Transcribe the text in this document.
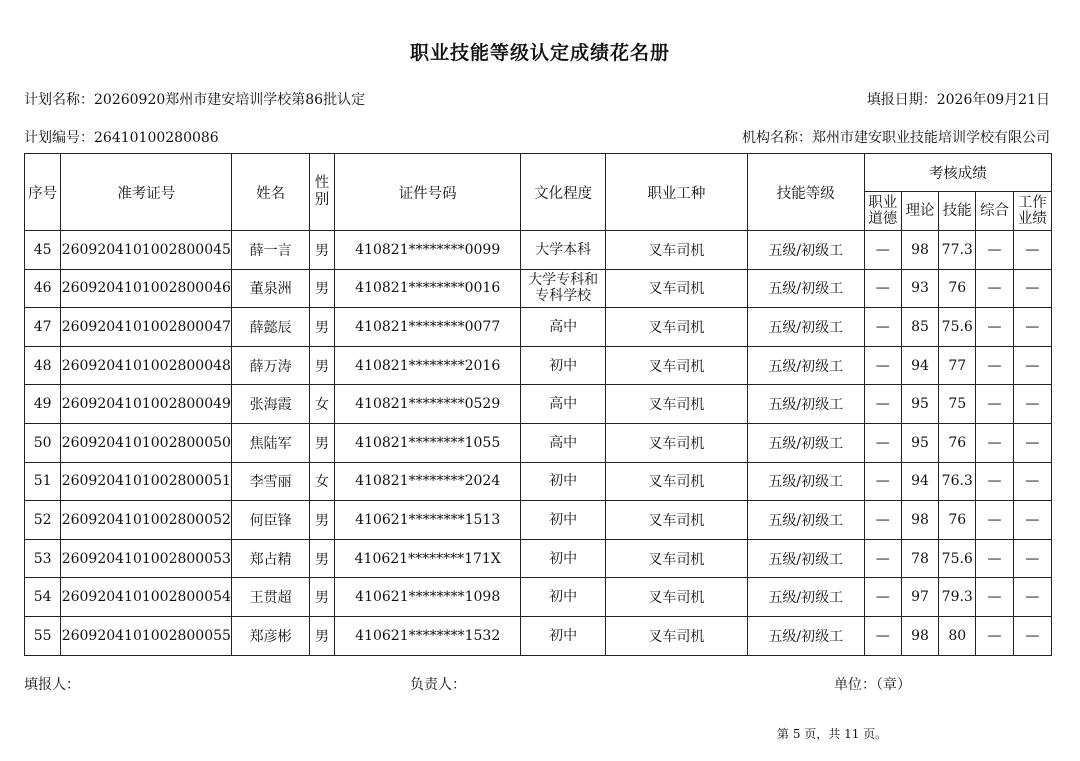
职业技能等级认定成绩花名册
计划名称：20260920郑州市建安培训学校第86批认定	填报日期：2026年09月21日
计划编号：26410100280086	机构名称：郑州市建安职业技能培训学校有限公司
序号	准考证号	姓名	性别	证件号码	文化程度	职业工种	技能等级	考核成绩				
								职业道德	理论	技能	综合	工作业绩
45	2609204101002800045	薛一言	男	410821********0099	大学本科	叉车司机	五级/初级工	—	98	77.3	—	—
46	2609204101002800046	董泉洲	男	410821********0016	大学专科和专科学校	叉车司机	五级/初级工	—	93	76	—	—
47	2609204101002800047	薛懿辰	男	410821********0077	高中	叉车司机	五级/初级工	—	85	75.6	—	—
48	2609204101002800048	薛万涛	男	410821********2016	初中	叉车司机	五级/初级工	—	94	77	—	—
49	2609204101002800049	张海霞	女	410821********0529	高中	叉车司机	五级/初级工	—	95	75	—	—
50	2609204101002800050	焦陆军	男	410821********1055	高中	叉车司机	五级/初级工	—	95	76	—	—
51	2609204101002800051	李雪丽	女	410821********2024	初中	叉车司机	五级/初级工	—	94	76.3	—	—
52	2609204101002800052	何臣锋	男	410621********1513	初中	叉车司机	五级/初级工	—	98	76	—	—
53	2609204101002800053	郑占精	男	410621********171X	初中	叉车司机	五级/初级工	—	78	75.6	—	—
54	2609204101002800054	王贯超	男	410621********1098	初中	叉车司机	五级/初级工	—	97	79.3	—	—
55	2609204101002800055	郑彦彬	男	410621********1532	初中	叉车司机	五级/初级工	—	98	80	—	—
填报人：	负责人：	单位：（章）
第 5 页，共 11 页。
